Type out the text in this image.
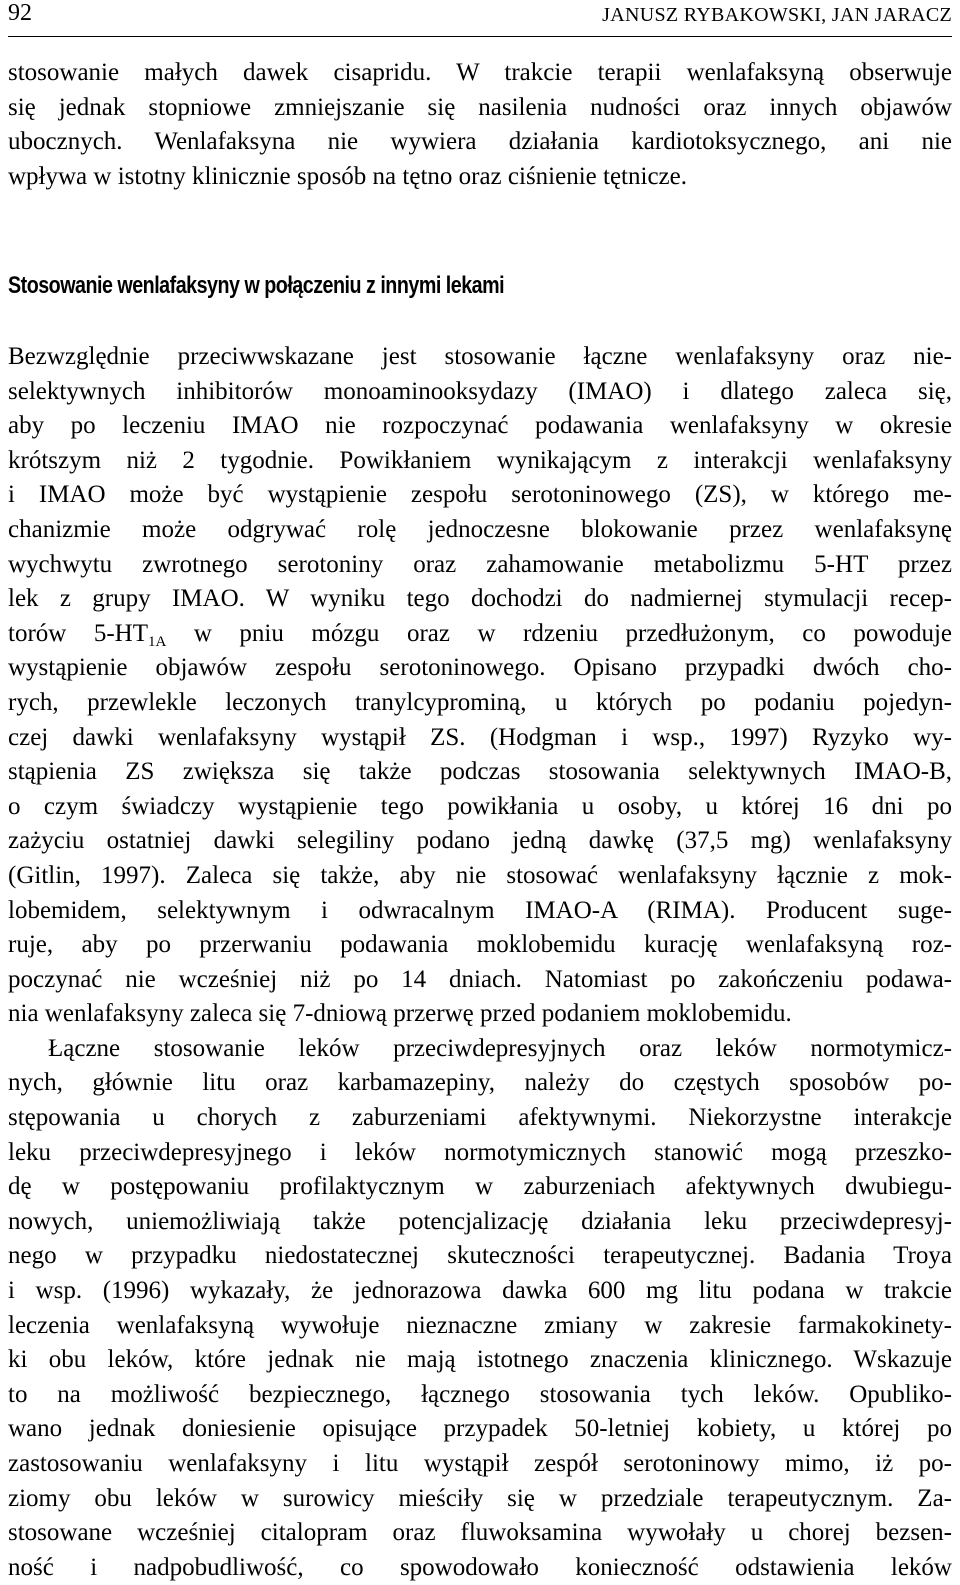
92	JANUSZ RYBAKOWSKI, JAN JARACZ
stosowanie małych dawek cisapridu. W trakcie terapii wenlafaksyną obserwuje
się jednak stopniowe zmniejszanie się nasilenia nudności oraz innych objawów
ubocznych. Wenlafaksyna nie wywiera działania kardiotoksycznego, ani nie
wpływa w istotny klinicznie sposób na tętno oraz ciśnienie tętnicze.
Stosowanie wenlafaksyny w połączeniu z innymi lekami
Bezwzględnie przeciwwskazane jest stosowanie łączne wenlafaksyny oraz nie-
selektywnych inhibitorów monoaminooksydazy (IMAO) i dlatego zaleca się,
aby po leczeniu IMAO nie rozpoczynać podawania wenlafaksyny w okresie
krótszym niż 2 tygodnie. Powikłaniem wynikającym z interakcji wenlafaksyny
i IMAO może być wystąpienie zespołu serotoninowego (ZS), w którego me-
chanizmie może odgrywać rolę jednoczesne blokowanie przez wenlafaksynę
wychwytu zwrotnego serotoniny oraz zahamowanie metabolizmu 5-HT przez
lek z grupy IMAO. W wyniku tego dochodzi do nadmiernej stymulacji recep-
torów $5-HT_{1A}$ w pniu mózgu oraz w rdzeniu przedłużonym, co powoduje
wystąpienie objawów zespołu serotoninowego. Opisano przypadki dwóch cho-
rych, przewlekle leczonych tranylcyprominą, u których po podaniu pojedyn-
czej dawki wenlafaksyny wystąpił ZS. (Hodgman i wsp., 1997) Ryzyko wy-
stąpienia ZS zwiększa się także podczas stosowania selektywnych IMAO-B,
o czym świadczy wystąpienie tego powikłania u osoby, u której 16 dni po
zażyciu ostatniej dawki selegiliny podano jedną dawkę (37,5 mg) wenlafaksyny
(Gitlin, 1997). Zaleca się także, aby nie stosować wenlafaksyny łącznie z mok-
lobemidem, selektywnym i odwracalnym IMAO-A (RIMA). Producent suge-
ruje, aby po przerwaniu podawania moklobemidu kurację wenlafaksyną roz-
poczynać nie wcześniej niż po 14 dniach. Natomiast po zakończeniu podawa-
nia wenlafaksyny zaleca się 7-dniową przerwę przed podaniem moklobemidu.
Łączne stosowanie leków przeciwdepresyjnych oraz leków normotymicz-
nych, głównie litu oraz karbamazepiny, należy do częstych sposobów po-
stępowania u chorych z zaburzeniami afektywnymi. Niekorzystne interakcje
leku przeciwdepresyjnego i leków normotymicznych stanowić mogą przeszko-
dę w postępowaniu profilaktycznym w zaburzeniach afektywnych dwubiegu-
nowych, uniemożliwiają także potencjalizację działania leku przeciwdepresyj-
nego w przypadku niedostatecznej skuteczności terapeutycznej. Badania Troya
i wsp. (1996) wykazały, że jednorazowa dawka 600 mg litu podana w trakcie
leczenia wenlafaksyną wywołuje nieznaczne zmiany w zakresie farmakokinety-
ki obu leków, które jednak nie mają istotnego znaczenia klinicznego. Wskazuje
to na możliwość bezpiecznego, łącznego stosowania tych leków. Opubliko-
wano jednak doniesienie opisujące przypadek 50-letniej kobiety, u której po
zastosowaniu wenlafaksyny i litu wystąpił zespół serotoninowy mimo, iż po-
ziomy obu leków w surowicy mieściły się w przedziale terapeutycznym. Za-
stosowane wcześniej citalopram oraz fluwoksamina wywołały u chorej bezsen-
ność i nadpobudliwość, co spowodowało konieczność odstawienia leków
